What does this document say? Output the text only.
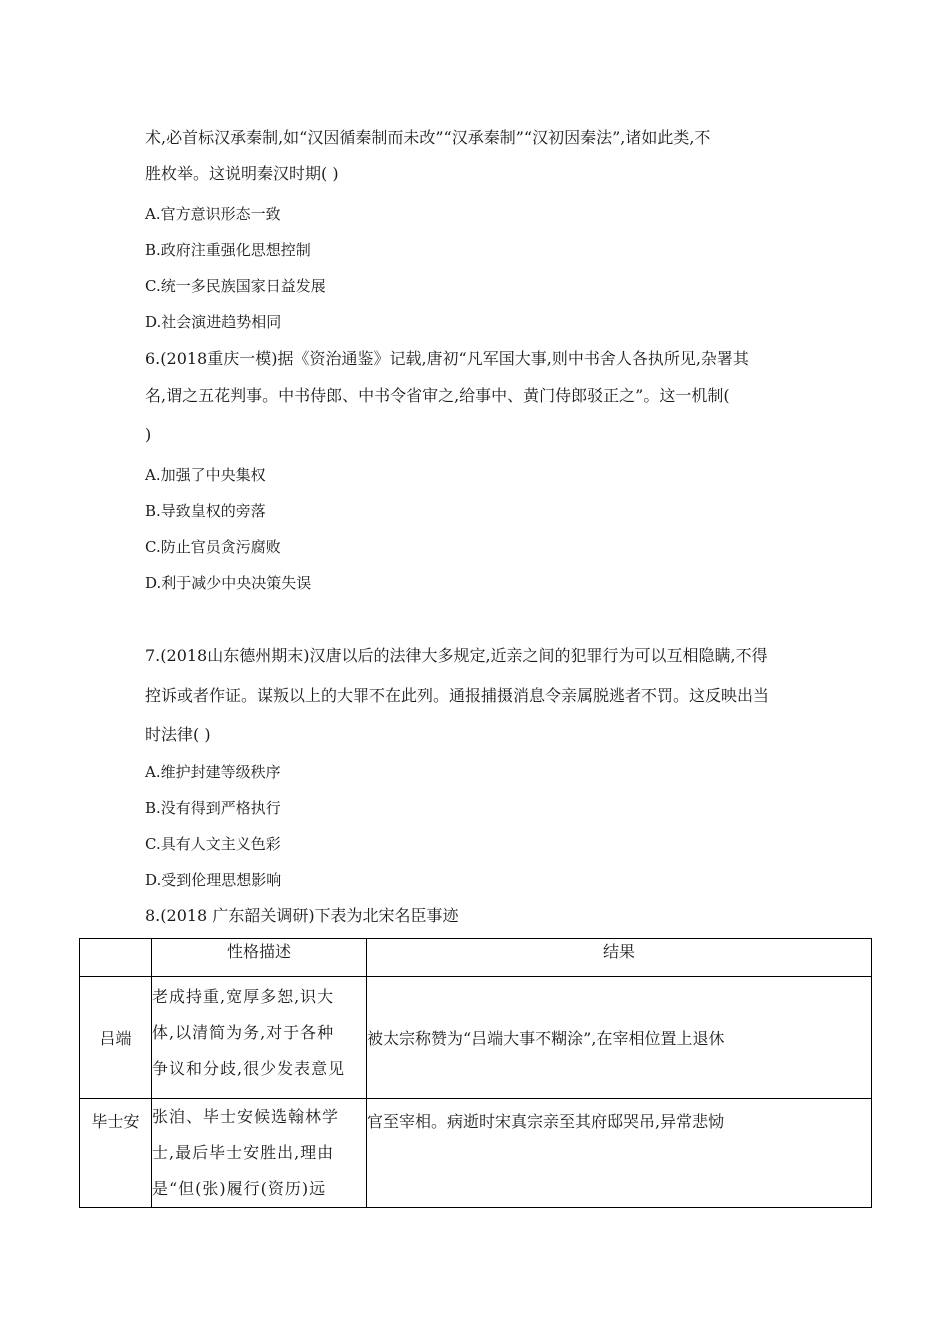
术,必首标汉承秦制,如“汉因循秦制而未改”“汉承秦制”“汉初因秦法”,诸如此类,不
胜枚举。这说明秦汉时期( )
A.官方意识形态一致
B.政府注重强化思想控制
C.统一多民族国家日益发展
D.社会演进趋势相同
6.(2018重庆一模)据《资治通鉴》记载,唐初“凡军国大事,则中书舍人各执所见,杂署其
名,谓之五花判事。中书侍郎、中书令省审之,给事中、黄门侍郎驳正之”。这一机制(
)
A.加强了中央集权
B.导致皇权的旁落
C.防止官员贪污腐败
D.利于减少中央决策失误
7.(2018山东德州期末)汉唐以后的法律大多规定,近亲之间的犯罪行为可以互相隐瞒,不得
控诉或者作证。谋叛以上的大罪不在此列。通报捕摄消息令亲属脱逃者不罚。这反映出当
时法律( )
A.维护封建等级秩序
B.没有得到严格执行
C.具有人文主义色彩
D.受到伦理思想影响
8.(2018 广东韶关调研)下表为北宋名臣事迹
	性格描述	结果
吕端	老成持重,宽厚多恕,识大
体,以清简为务,对于各种
争议和分歧,很少发表意见	被太宗称赞为“吕端大事不糊涂”,在宰相位置上退休
毕士安	张洎、毕士安候选翰林学
士,最后毕士安胜出,理由
是“但(张)履行(资历)远	官至宰相。病逝时宋真宗亲至其府邸哭吊,异常悲恸
